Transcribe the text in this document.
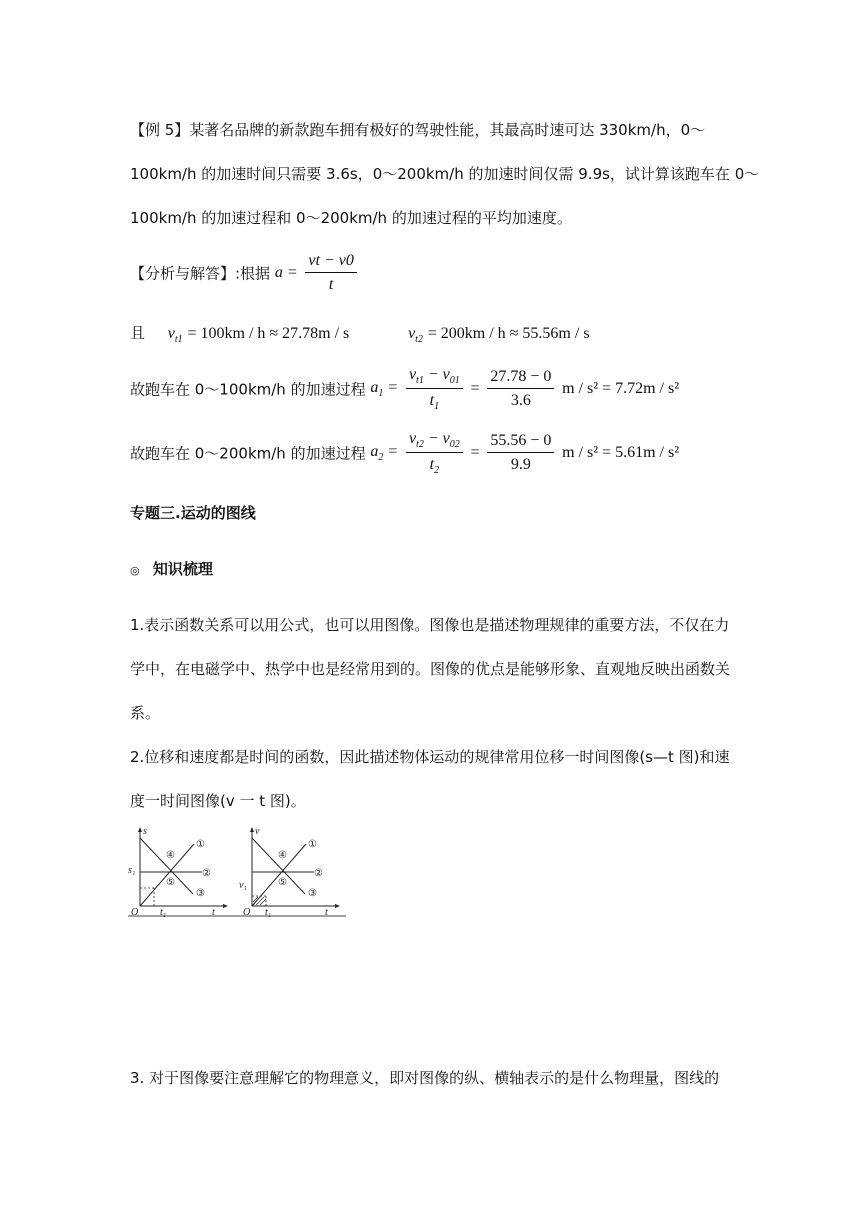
【例 5】某著名品牌的新款跑车拥有极好的驾驶性能，其最高时速可达 330km/h，0～
100km/h 的加速时间只需要 3.6s，0～200km/h 的加速时间仅需 9.9s，试计算该跑车在 0～
100km/h 的加速过程和 0～200km/h 的加速过程的平均加速度。
【分析与解答】:根据 $a = \frac{vt - v0}{t}$
且 $v_{t1} = 100km / h \approx 27.78m / s$	$v_{t2} = 200km / h \approx 55.56m / s$
故跑车在 0～100km/h 的加速过程 $a_1 = \frac{v_{t1} - v_{01}}{t_1} = \frac{27.78 - 0}{3.6}$ m / s² = 7.72m / s²
故跑车在 0～200km/h 的加速过程 $a_2 = \frac{v_{t2} - v_{02}}{t_2} = \frac{55.56 - 0}{9.9}$ m / s² = 5.61m / s²
专题三.运动的图线
◎ 知识梳理
1.表示函数关系可以用公式，也可以用图像。图像也是描述物理规律的重要方法，不仅在力
学中，在电磁学中、热学中也是经常用到的。图像的优点是能够形象、直观地反映出函数关
系。
2.位移和速度都是时间的函数，因此描述物体运动的规律常用位移一时间图像(s—t 图)和速
度一时间图像(v 一 t 图)。
s
s₁
O t₁	t
①
②
③
④
⑤
v
v₁
O t₁	t
①
②
③
④
⑤
3. 对于图像要注意理解它的物理意义，即对图像的纵、横轴表示的是什么物理量，图线的
